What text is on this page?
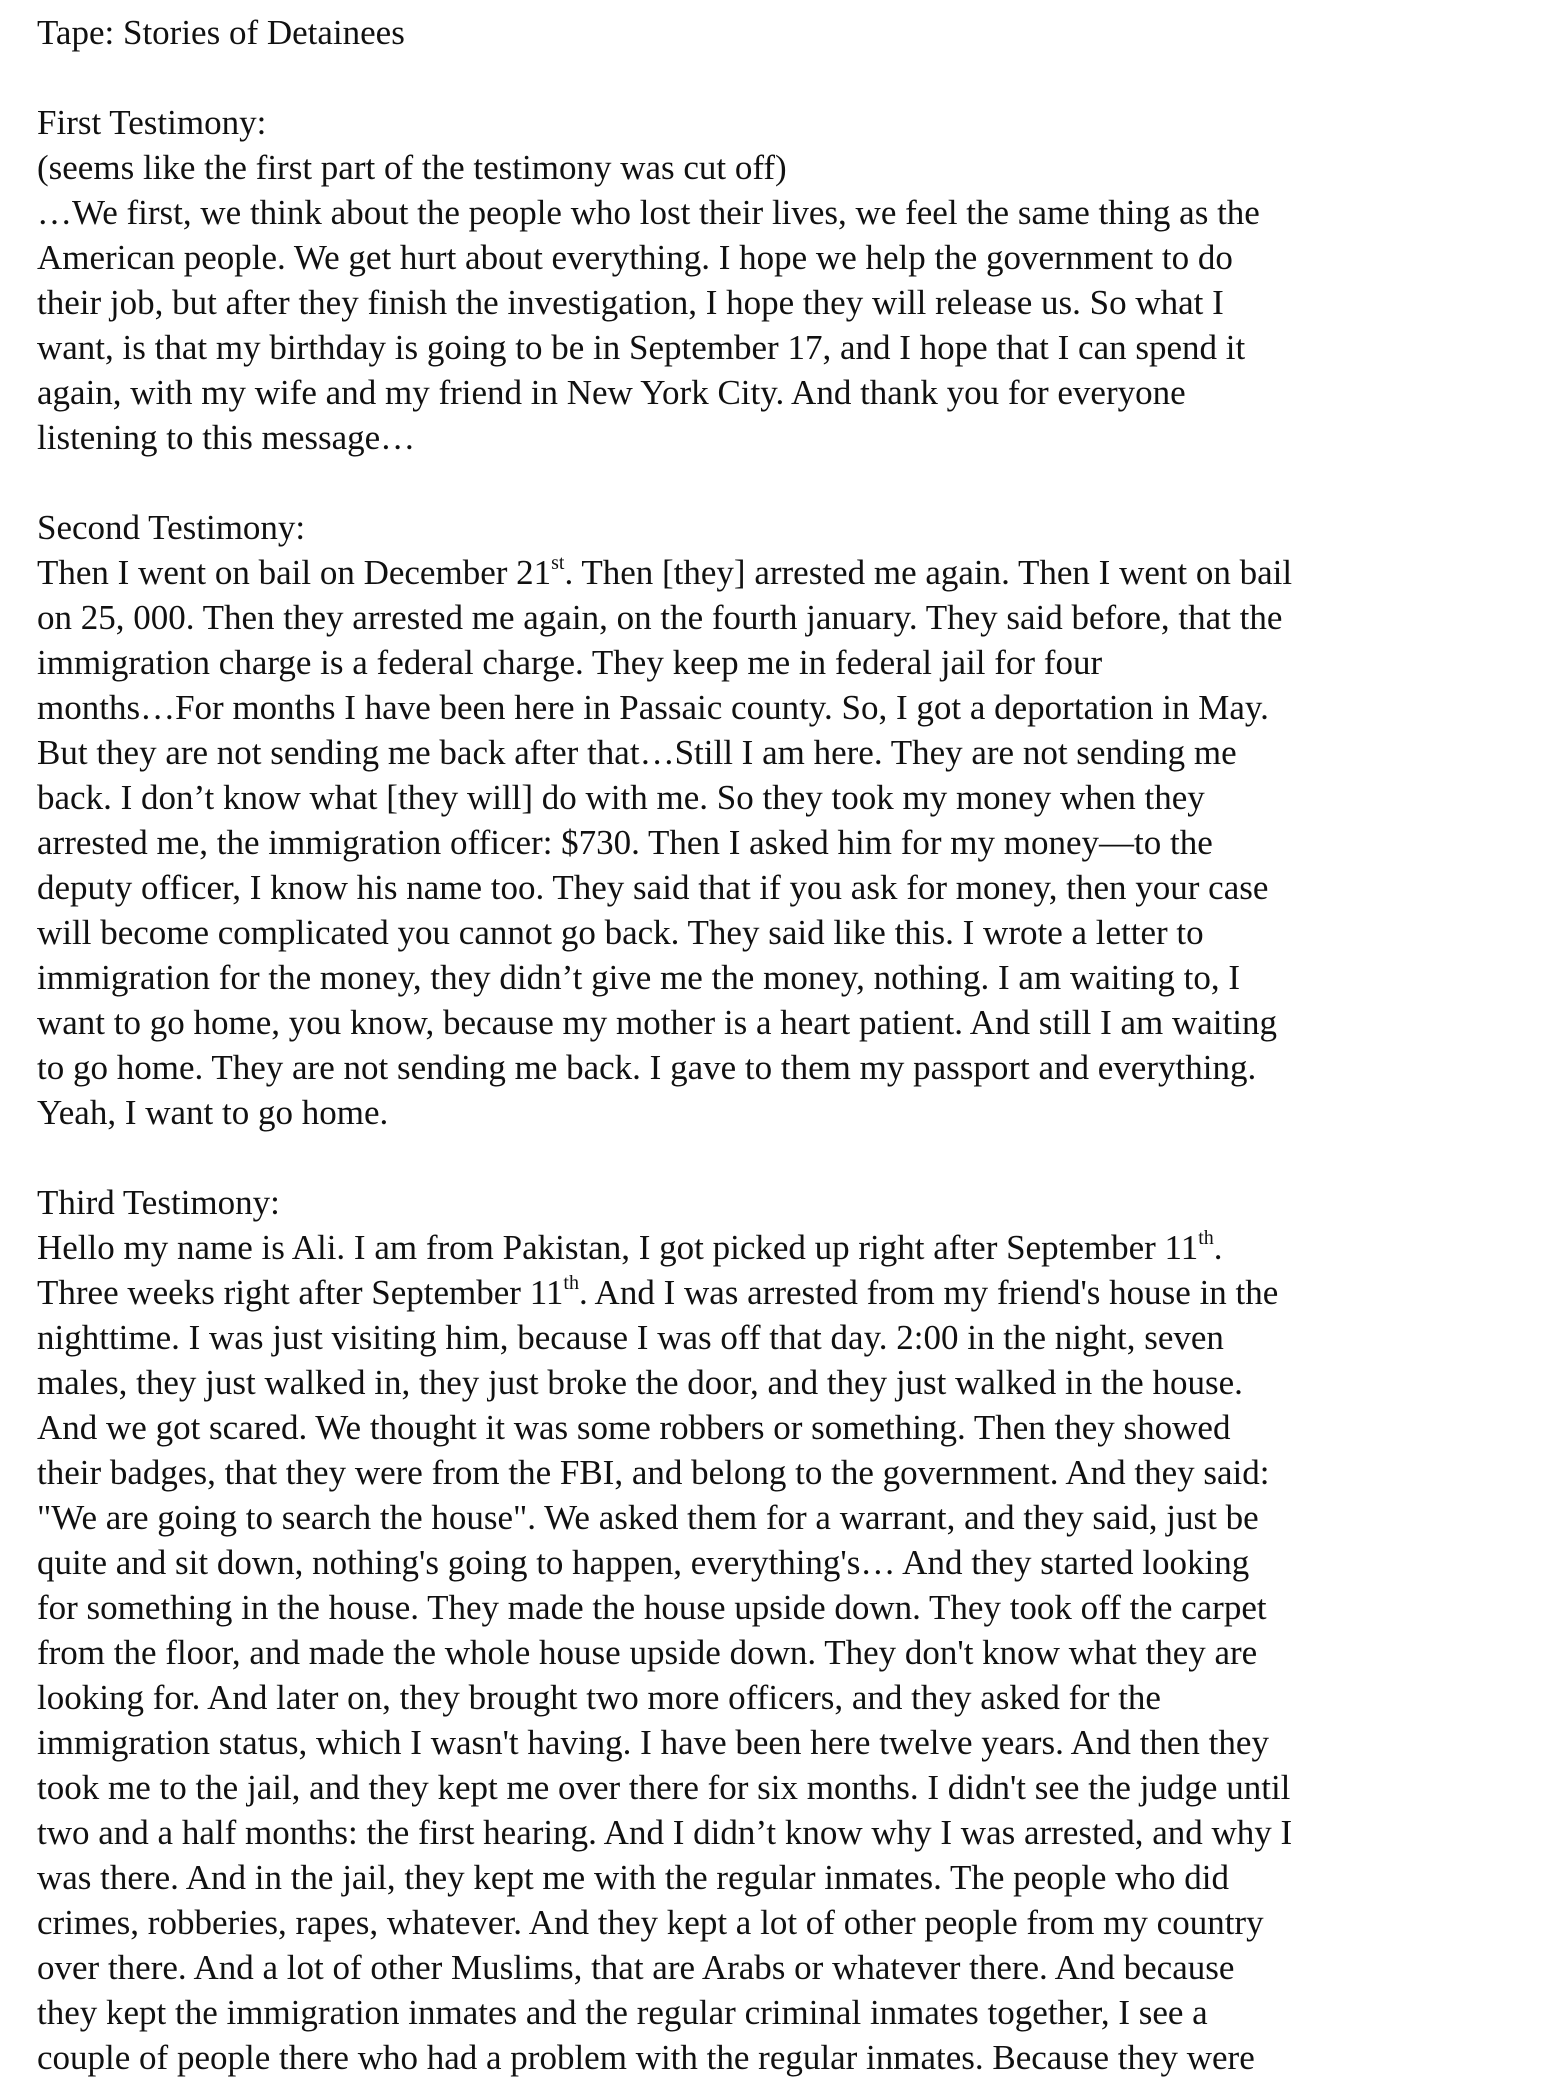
Tape: Stories of Detainees
First Testimony:
(seems like the first part of the testimony was cut off)
…We first, we think about the people who lost their lives, we feel the same thing as the
American people. We get hurt about everything. I hope we help the government to do
their job, but after they finish the investigation, I hope they will release us. So what I
want, is that my birthday is going to be in September 17, and I hope that I can spend it
again, with my wife and my friend in New York City. And thank you for everyone
listening to this message…
Second Testimony:
Then I went on bail on December 21st. Then [they] arrested me again. Then I went on bail
on 25, 000. Then they arrested me again, on the fourth january. They said before, that the
immigration charge is a federal charge. They keep me in federal jail for four
months…For months I have been here in Passaic county. So, I got a deportation in May.
But they are not sending me back after that…Still I am here. They are not sending me
back. I don’t know what [they will] do with me. So they took my money when they
arrested me, the immigration officer: $730. Then I asked him for my money—to the
deputy officer, I know his name too. They said that if you ask for money, then your case
will become complicated you cannot go back. They said like this. I wrote a letter to
immigration for the money, they didn’t give me the money, nothing. I am waiting to, I
want to go home, you know, because my mother is a heart patient. And still I am waiting
to go home. They are not sending me back. I gave to them my passport and everything.
Yeah, I want to go home.
Third Testimony:
Hello my name is Ali. I am from Pakistan, I got picked up right after September 11th.
Three weeks right after September 11th. And I was arrested from my friend's house in the
nighttime. I was just visiting him, because I was off that day. 2:00 in the night, seven
males, they just walked in, they just broke the door, and they just walked in the house.
And we got scared. We thought it was some robbers or something. Then they showed
their badges, that they were from the FBI, and belong to the government. And they said:
"We are going to search the house". We asked them for a warrant, and they said, just be
quite and sit down, nothing's going to happen, everything's… And they started looking
for something in the house. They made the house upside down. They took off the carpet
from the floor, and made the whole house upside down. They don't know what they are
looking for. And later on, they brought two more officers, and they asked for the
immigration status, which I wasn't having. I have been here twelve years. And then they
took me to the jail, and they kept me over there for six months. I didn't see the judge until
two and a half months: the first hearing. And I didn’t know why I was arrested, and why I
was there. And in the jail, they kept me with the regular inmates. The people who did
crimes, robberies, rapes, whatever. And they kept a lot of other people from my country
over there. And a lot of other Muslims, that are Arabs or whatever there. And because
they kept the immigration inmates and the regular criminal inmates together, I see a
couple of people there who had a problem with the regular inmates. Because they were
